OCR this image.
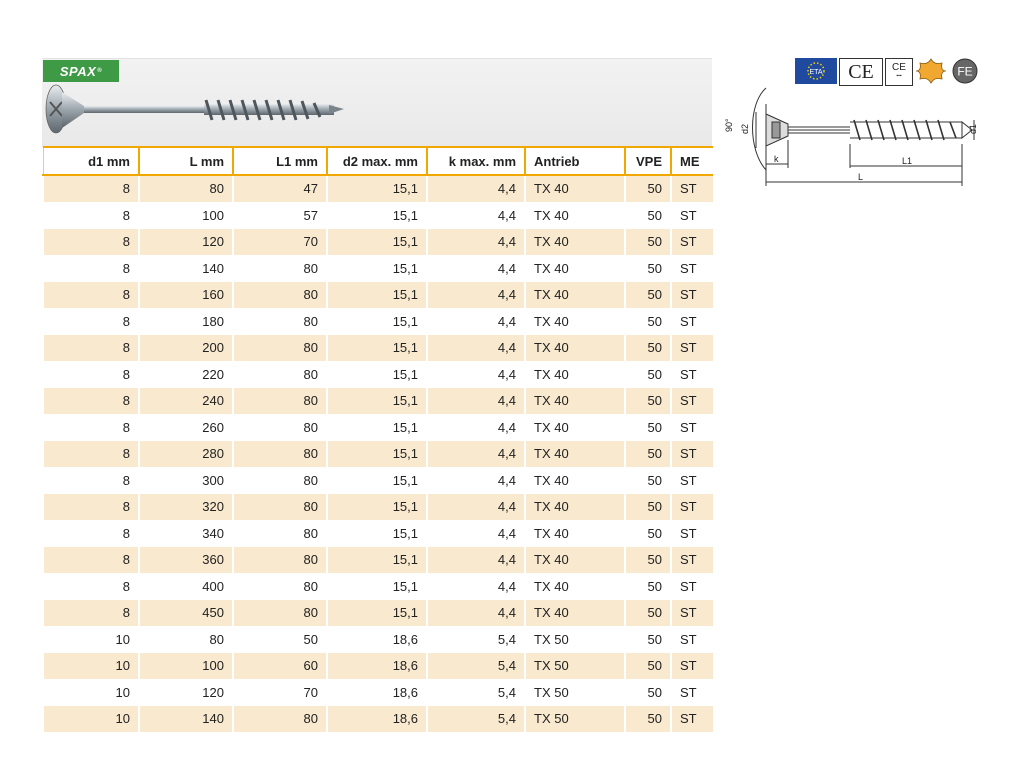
SPAX ®
d1 mm	L mm	L1 mm	d2 max. mm	k max. mm	Antrieb	VPE	ME
8	80	47	15,1	4,4	TX 40	50	ST
8	100	57	15,1	4,4	TX 40	50	ST
8	120	70	15,1	4,4	TX 40	50	ST
8	140	80	15,1	4,4	TX 40	50	ST
8	160	80	15,1	4,4	TX 40	50	ST
8	180	80	15,1	4,4	TX 40	50	ST
8	200	80	15,1	4,4	TX 40	50	ST
8	220	80	15,1	4,4	TX 40	50	ST
8	240	80	15,1	4,4	TX 40	50	ST
8	260	80	15,1	4,4	TX 40	50	ST
8	280	80	15,1	4,4	TX 40	50	ST
8	300	80	15,1	4,4	TX 40	50	ST
8	320	80	15,1	4,4	TX 40	50	ST
8	340	80	15,1	4,4	TX 40	50	ST
8	360	80	15,1	4,4	TX 40	50	ST
8	400	80	15,1	4,4	TX 40	50	ST
8	450	80	15,1	4,4	TX 40	50	ST
10	80	50	18,6	5,4	TX 50	50	ST
10	100	60	18,6	5,4	TX 50	50	ST
10	120	70	18,6	5,4	TX 50	50	ST
10	140	80	18,6	5,4	TX 50	50	ST
ETA CE CE
▪▪▪	FE
90° d2	d1
k	L1
L
